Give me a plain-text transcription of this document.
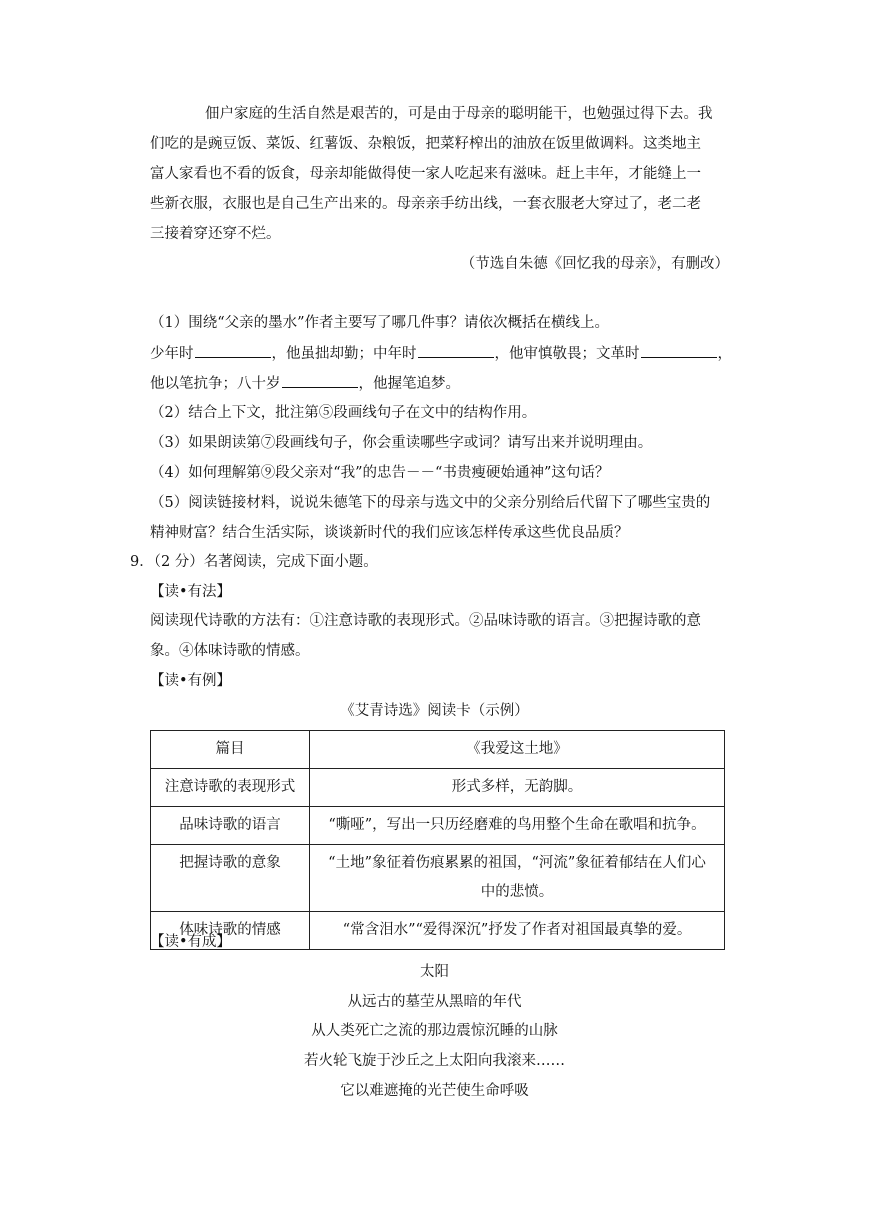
佃户家庭的生活自然是艰苦的，可是由于母亲的聪明能干，也勉强过得下去。我
们吃的是豌豆饭、菜饭、红薯饭、杂粮饭，把菜籽榨出的油放在饭里做调料。这类地主
富人家看也不看的饭食，母亲却能做得使一家人吃起来有滋味。赶上丰年，才能缝上一
些新衣服，衣服也是自己生产出来的。母亲亲手纺出线，一套衣服老大穿过了，老二老
三接着穿还穿不烂。
（节选自朱德《回忆我的母亲》，有删改）
（1）围绕“父亲的墨水”作者主要写了哪几件事？请依次概括在横线上。
少年时	，他虽拙却勤；中年时	，他审慎敬畏；文革时	，
他以笔抗争；八十岁	，他握笔追梦。
（2）结合上下文，批注第⑤段画线句子在文中的结构作用。
（3）如果朗读第⑦段画线句子，你会重读哪些字或词？请写出来并说明理由。
（4）如何理解第⑨段父亲对“我”的忠告－－“书贵瘦硬始通神”这句话？
（5）阅读链接材料，说说朱德笔下的母亲与选文中的父亲分别给后代留下了哪些宝贵的
精神财富？结合生活实际，谈谈新时代的我们应该怎样传承这些优良品质？
9．（2 分）名著阅读，完成下面小题。
【读•有法】
阅读现代诗歌的方法有：①注意诗歌的表现形式。②品味诗歌的语言。③把握诗歌的意
象。④体味诗歌的情感。
【读•有例】
《艾青诗选》阅读卡（示例）
篇目	《我爱这土地》
注意诗歌的表现形式	形式多样，无韵脚。
品味诗歌的语言	“嘶哑”，写出一只历经磨难的鸟用整个生命在歌唱和抗争。
把握诗歌的意象	“土地”象征着伤痕累累的祖国，“河流”象征着郁结在人们心中的悲愤。
体味诗歌的情感	“常含泪水”“爱得深沉”抒发了作者对祖国最真挚的爱。
【读•有成】
太阳
从远古的墓茔从黑暗的年代
从人类死亡之流的那边震惊沉睡的山脉
若火轮飞旋于沙丘之上太阳向我滚来……
它以难遮掩的光芒使生命呼吸
